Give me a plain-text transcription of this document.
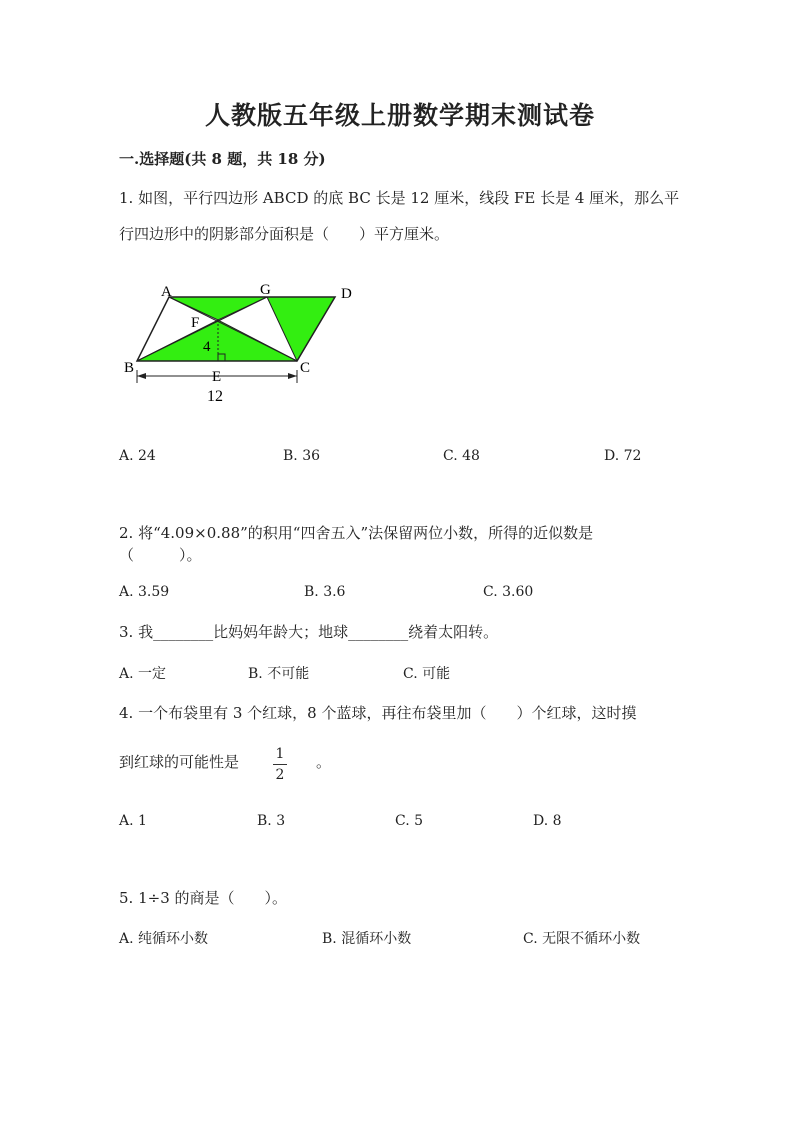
人教版五年级上册数学期末测试卷
一.选择题(共 8 题，共 18 分)
1. 如图，平行四边形 ABCD 的底 BC 长是 12 厘米，线段 FE 长是 4 厘米，那么平
行四边形中的阴影部分面积是（　　）平方厘米。
A	G	D
F
4
B
E
C
12
A. 24	B. 36	C. 48	D. 72
2. 将“4.09×0.88”的积用“四舍五入”法保留两位小数，所得的近似数是
（　　　）。
A. 3.59	B. 3.6	C. 3.60
3. 我________比妈妈年龄大；地球________绕着太阳转。
A. 一定	B. 不可能	C. 可能
4. 一个布袋里有 3 个红球，8 个蓝球，再往布袋里加（　　）个红球，这时摸
到红球的可能性是	1
2
。
A. 1	B. 3	C. 5	D. 8
5. 1÷3 的商是（　　）。
A. 纯循环小数	B. 混循环小数	C. 无限不循环小数
